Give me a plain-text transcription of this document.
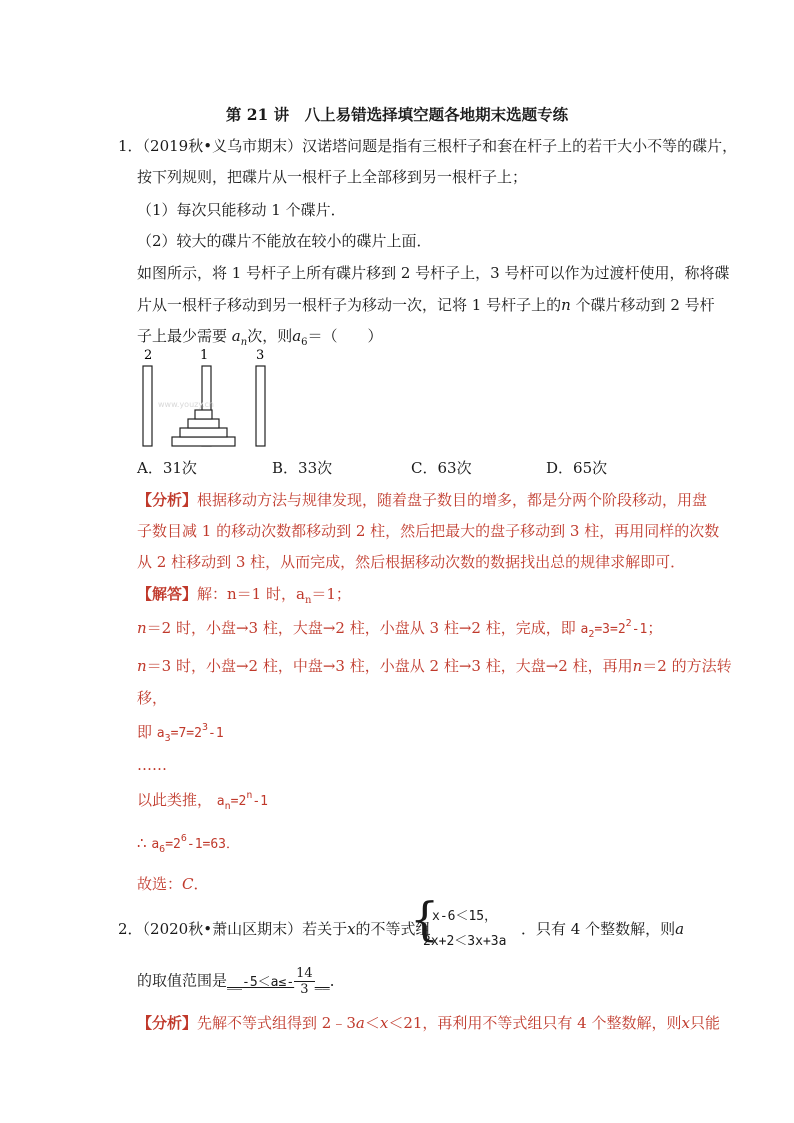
第 21 讲　八上易错选择填空题各地期末选题专练
1．（2019秋•义乌市期末）汉诺塔问题是指有三根杆子和套在杆子上的若干大小不等的碟片，
按下列规则，把碟片从一根杆子上全部移到另一根杆子上；
（1）每次只能移动 1 个碟片．
（2）较大的碟片不能放在较小的碟片上面．
如图所示，将 1 号杆子上所有碟片移到 2 号杆子上，3 号杆可以作为过渡杆使用，称将碟
片从一根杆子移动到另一根杆子为移动一次，记将 1 号杆子上的n 个碟片移动到 2 号杆
子上最少需要 $a_n$次，则$a_6=$（　　）
2	1	3
www.youzy.cn
A．31次	B．33次	C．63次	D．65次
【分析】根据移动方法与规律发现，随着盘子数目的增多，都是分两个阶段移动，用盘
子数目减 1 的移动次数都移动到 2 柱，然后把最大的盘子移动到 3 柱，再用同样的次数
从 2 柱移动到 3 柱，从而完成，然后根据移动次数的数据找出总的规律求解即可．
【解答】解：n＝1 时，$a_n=1$；
n＝2 时，小盘→3 柱，大盘→2 柱，小盘从 3 柱→2 柱，完成，即 $a_2=3=2^2-1$；
n＝3 时，小盘→2 柱，中盘→3 柱，小盘从 2 柱→3 柱，大盘→2 柱，再用n＝2 的方法转
移，
即 $a_3=7=2^3-1$
……
以此类推， $a_n=2^n-1$
∴ $a_6=2^6-1=63$．
故选：C．
2．（2020秋•萧山区期末）若关于x的不等式组
{
x-6＜15，
2x+2＜3x+3a
．只有 4 个整数解，则a
的取值范围是__-5＜a≤- $\frac{14}{3}$ __．
【分析】先解不等式组得到 2﹣3a＜x＜21，再利用不等式组只有 4 个整数解，则x只能
